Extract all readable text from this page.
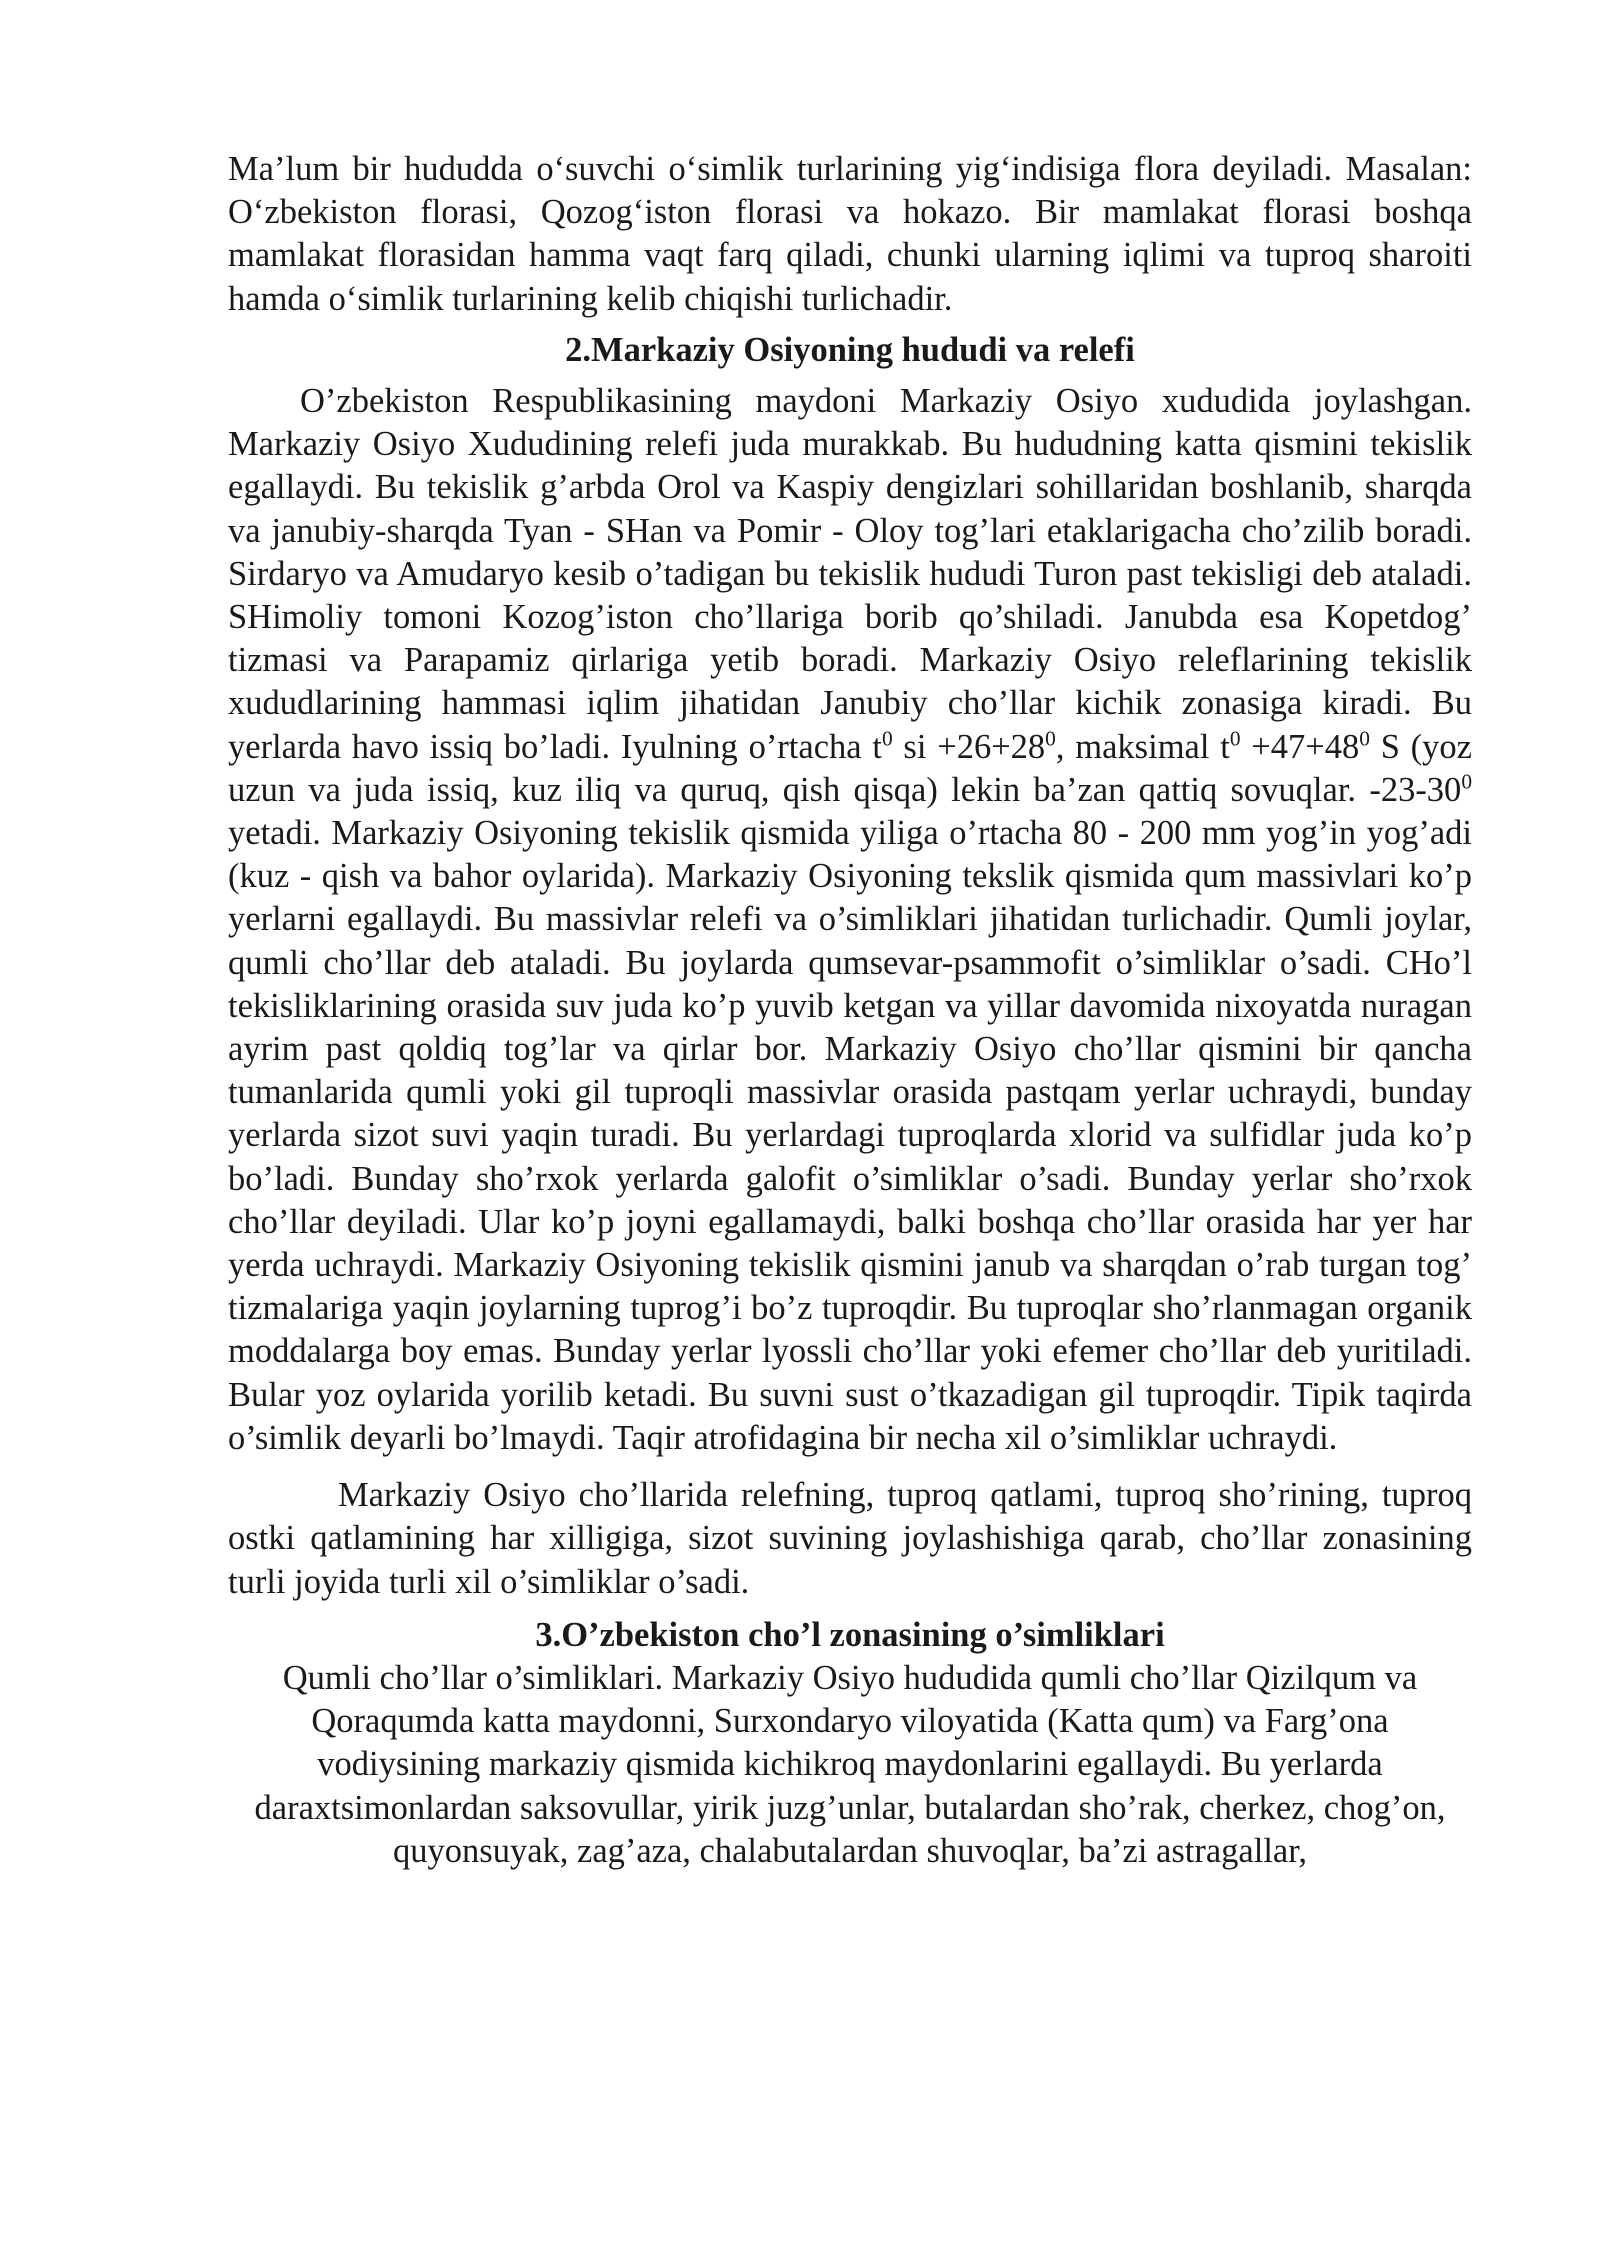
Ma’lum bir hududda o‘suvchi o‘simlik turlarining yig‘indisiga flora deyiladi. Masalan: O‘zbekiston florasi, Qozog‘iston florasi va hokazo. Bir mamlakat florasi boshqa mamlakat florasidan hamma vaqt farq qiladi, chunki ularning iqlimi va tuproq sharoiti hamda o‘simlik turlarining kelib chiqishi turlichadir.

2.Markaziy Osiyoning hududi va relefi

O’zbekiston Respublikasining maydoni Markaziy Osiyo xududida joylashgan. Markaziy Osiyo Xududining relefi juda murakkab. Bu hududning katta qismini tekislik egallaydi. Bu tekislik g’arbda Orol va Kaspiy dengizlari sohillaridan boshlanib, sharqda va janubiy-sharqda Tyan - SHan va Pomir - Oloy tog’lari etaklarigacha cho’zilib boradi. Sirdaryo va Amudaryo kesib o’tadigan bu tekislik hududi Turon past tekisligi deb ataladi. SHimoliy tomoni Kozog’iston cho’llariga borib qo’shiladi. Janubda esa Kopetdog’ tizmasi va Parapamiz qirlariga yetib boradi. Markaziy Osiyo releflarining tekislik xududlarining hammasi iqlim jihatidan Janubiy cho’llar kichik zonasiga kiradi. Bu yerlarda havo issiq bo’ladi. Iyulning o’rtacha $t^0$ si $+26+28^0$, maksimal $t^0 +47+48^0$ S (yoz uzun va juda issiq, kuz iliq va quruq, qish qisqa) lekin ba’zan qattiq sovuqlar. $-23-30^0$ yetadi. Markaziy Osiyoning tekislik qismida yiliga o’rtacha 80 - 200 mm yog’in yog’adi (kuz - qish va bahor oylarida). Markaziy Osiyoning tekslik qismida qum massivlari ko’p yerlarni egallaydi. Bu massivlar relefi va o’simliklari jihatidan turlichadir. Qumli joylar, qumli cho’llar deb ataladi. Bu joylarda qumsevar-psammofit o’simliklar o’sadi. CHo’l tekisliklarining orasida suv juda ko’p yuvib ketgan va yillar davomida nixoyatda nuragan ayrim past qoldiq tog’lar va qirlar bor. Markaziy Osiyo cho’llar qismini bir qancha tumanlarida qumli yoki gil tuproqli massivlar orasida pastqam yerlar uchraydi, bunday yerlarda sizot suvi yaqin turadi. Bu yerlardagi tuproqlarda xlorid va sulfidlar juda ko’p bo’ladi. Bunday sho’rxok yerlarda galofit o’simliklar o’sadi. Bunday yerlar sho’rxok cho’llar deyiladi. Ular ko’p joyni egallamaydi, balki boshqa cho’llar orasida har yer har yerda uchraydi. Markaziy Osiyoning tekislik qismini janub va sharqdan o’rab turgan tog’ tizmalariga yaqin joylarning tuprog’i bo’z tuproqdir. Bu tuproqlar sho’rlanmagan organik moddalarga boy emas. Bunday yerlar lyossli cho’llar yoki efemer cho’llar deb yuritiladi. Bular yoz oylarida yorilib ketadi. Bu suvni sust o’tkazadigan gil tuproqdir. Tipik taqirda o’simlik deyarli bo’lmaydi. Taqir atrofidagina bir necha xil o’simliklar uchraydi.

Markaziy Osiyo cho’llarida relefning, tuproq qatlami, tuproq sho’rining, tuproq ostki qatlamining har xilligiga, sizot suvining joylashishiga qarab, cho’llar zonasining turli joyida turli xil o’simliklar o’sadi.

3.O’zbekiston cho’l zonasining o’simliklari

Qumli cho’llar o’simliklari. Markaziy Osiyo hududida qumli cho’llar Qizilqum va Qoraqumda katta maydonni, Surxondaryo viloyatida (Katta qum) va Farg’ona vodiysining markaziy qismida kichikroq maydonlarini egallaydi. Bu yerlarda daraxtsimonlardan saksovullar, yirik juzg’unlar, butalardan sho’rak, cherkez, chog’on, quyonsuyak, zag’aza, chalabutalardan shuvoqlar, ba’zi astragallar,
